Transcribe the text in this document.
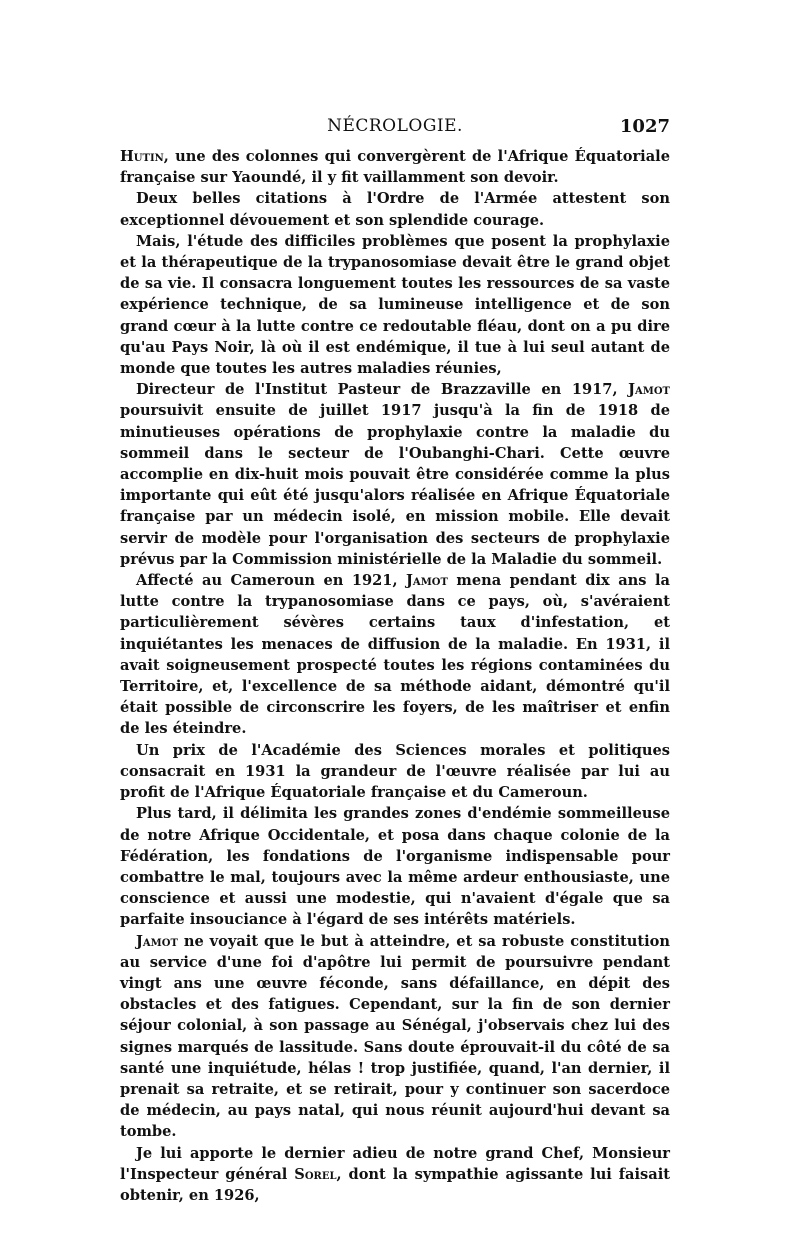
NÉCROLOGIE.	1027

Hutin, une des colonnes qui convergèrent de l'Afrique Équatoriale française sur Yaoundé, il y fit vaillamment son devoir.

Deux belles citations à l'Ordre de l'Armée attestent son exceptionnel dévouement et son splendide courage.

Mais, l'étude des difficiles problèmes que posent la prophylaxie et la thérapeutique de la trypanosomiase devait être le grand objet de sa vie. Il consacra longuement toutes les ressources de sa vaste expérience technique, de sa lumineuse intelligence et de son grand cœur à la lutte contre ce redoutable fléau, dont on a pu dire qu'au Pays Noir, là où il est endémique, il tue à lui seul autant de monde que toutes les autres maladies réunies,

Directeur de l'Institut Pasteur de Brazzaville en 1917, Jamot poursuivit ensuite de juillet 1917 jusqu'à la fin de 1918 de minutieuses opérations de prophylaxie contre la maladie du sommeil dans le secteur de l'Oubanghi-Chari. Cette œuvre accomplie en dix-huit mois pouvait être considérée comme la plus importante qui eût été jusqu'alors réalisée en Afrique Équatoriale française par un médecin isolé, en mission mobile. Elle devait servir de modèle pour l'organisation des secteurs de prophylaxie prévus par la Commission ministérielle de la Maladie du sommeil.

Affecté au Cameroun en 1921, Jamot mena pendant dix ans la lutte contre la trypanosomiase dans ce pays, où, s'avéraient particulièrement sévères certains taux d'infestation, et inquiétantes les menaces de diffusion de la maladie. En 1931, il avait soigneusement prospecté toutes les régions contaminées du Territoire, et, l'excellence de sa méthode aidant, démontré qu'il était possible de circonscrire les foyers, de les maîtriser et enfin de les éteindre.

Un prix de l'Académie des Sciences morales et politiques consacrait en 1931 la grandeur de l'œuvre réalisée par lui au profit de l'Afrique Équatoriale française et du Cameroun.

Plus tard, il délimita les grandes zones d'endémie sommeilleuse de notre Afrique Occidentale, et posa dans chaque colonie de la Fédération, les fondations de l'organisme indispensable pour combattre le mal, toujours avec la même ardeur enthousiaste, une conscience et aussi une modestie, qui n'avaient d'égale que sa parfaite insouciance à l'égard de ses intérêts matériels.

Jamot ne voyait que le but à atteindre, et sa robuste constitution au service d'une foi d'apôtre lui permit de poursuivre pendant vingt ans une œuvre féconde, sans défaillance, en dépit des obstacles et des fatigues. Cependant, sur la fin de son dernier séjour colonial, à son passage au Sénégal, j'observais chez lui des signes marqués de lassitude. Sans doute éprouvait-il du côté de sa santé une inquiétude, hélas ! trop justifiée, quand, l'an dernier, il prenait sa retraite, et se retirait, pour y continuer son sacerdoce de médecin, au pays natal, qui nous réunit aujourd'hui devant sa tombe.

Je lui apporte le dernier adieu de notre grand Chef, Monsieur l'Inspecteur général Sorel, dont la sympathie agissante lui faisait obtenir, en 1926,
